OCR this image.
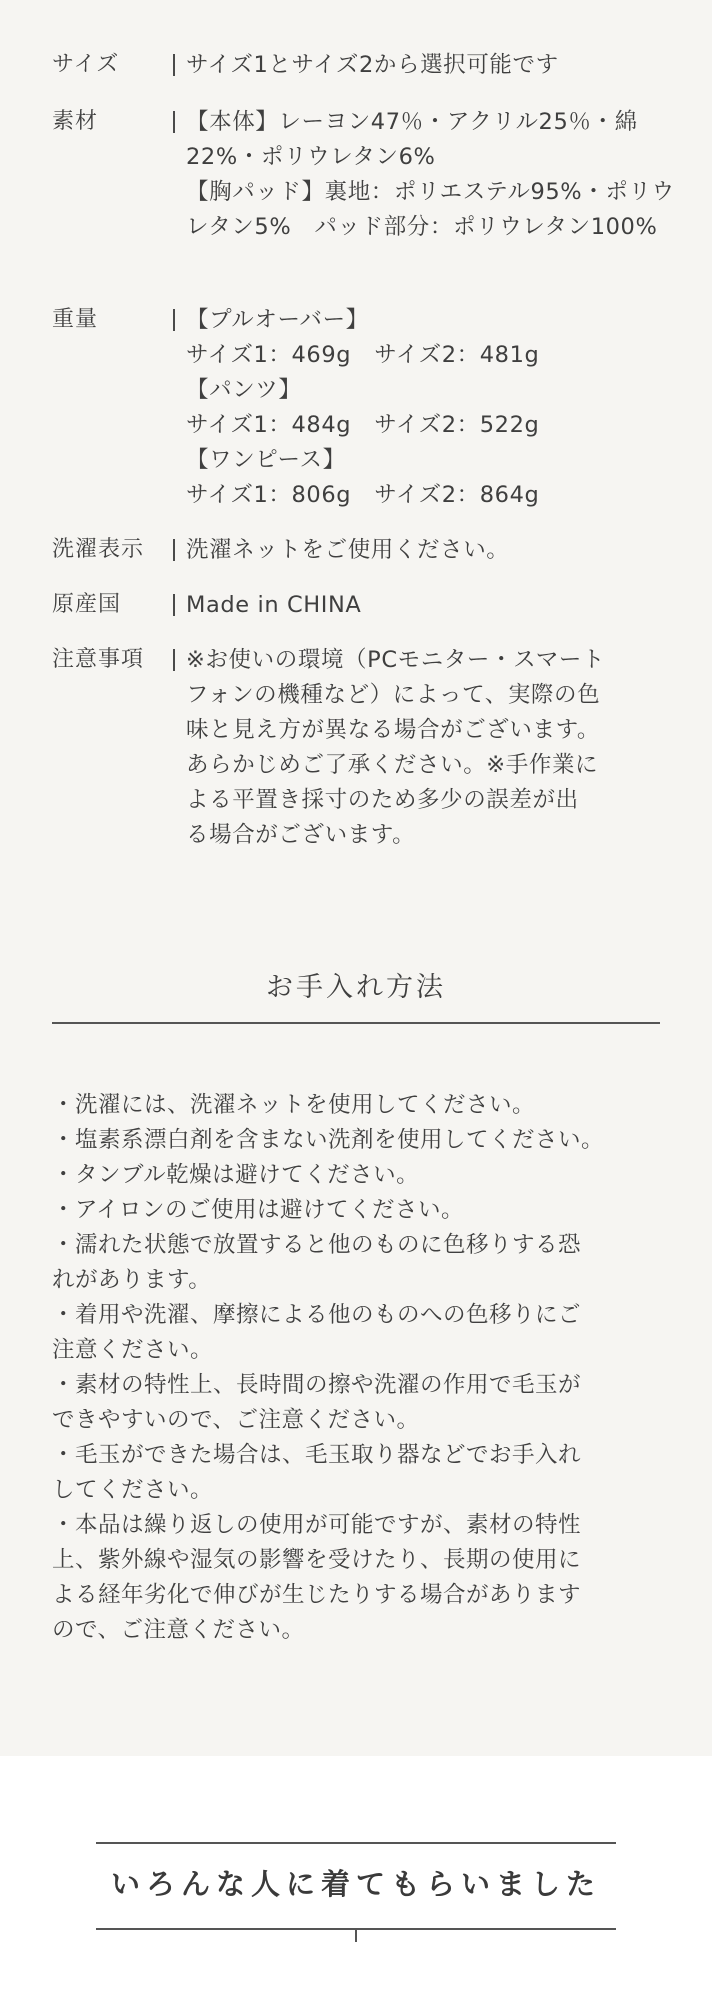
サイズ	サイズ1とサイズ2から選択可能です
素材	【本体】レーヨン47％・アクリル25％・綿
22%・ポリウレタン6%
【胸パッド】裏地：ポリエステル95%・ポリウ
レタン5%　パッド部分：ポリウレタン100%
重量	【プルオーバー】
サイズ1：469g　サイズ2：481g
【パンツ】
サイズ1：484g　サイズ2：522g
【ワンピース】
サイズ1：806g　サイズ2：864g
洗濯表示	洗濯ネットをご使用ください。
原産国	Made in CHINA
注意事項	※お使いの環境（PCモニター・スマート
フォンの機種など）によって、実際の色
味と見え方が異なる場合がございます。
あらかじめご了承ください。※手作業に
よる平置き採寸のため多少の誤差が出
る場合がございます。
お手入れ方法
・洗濯には、洗濯ネットを使用してください。
・塩素系漂白剤を含まない洗剤を使用してください。
・タンブル乾燥は避けてください。
・アイロンのご使用は避けてください。
・濡れた状態で放置すると他のものに色移りする恐
れがあります。
・着用や洗濯、摩擦による他のものへの色移りにご
注意ください。
・素材の特性上、長時間の擦や洗濯の作用で毛玉が
できやすいので、ご注意ください。
・毛玉ができた場合は、毛玉取り器などでお手入れ
してください。
・本品は繰り返しの使用が可能ですが、素材の特性
上、紫外線や湿気の影響を受けたり、長期の使用に
よる経年劣化で伸びが生じたりする場合があります
ので、ご注意ください。
いろんな人に着てもらいました
